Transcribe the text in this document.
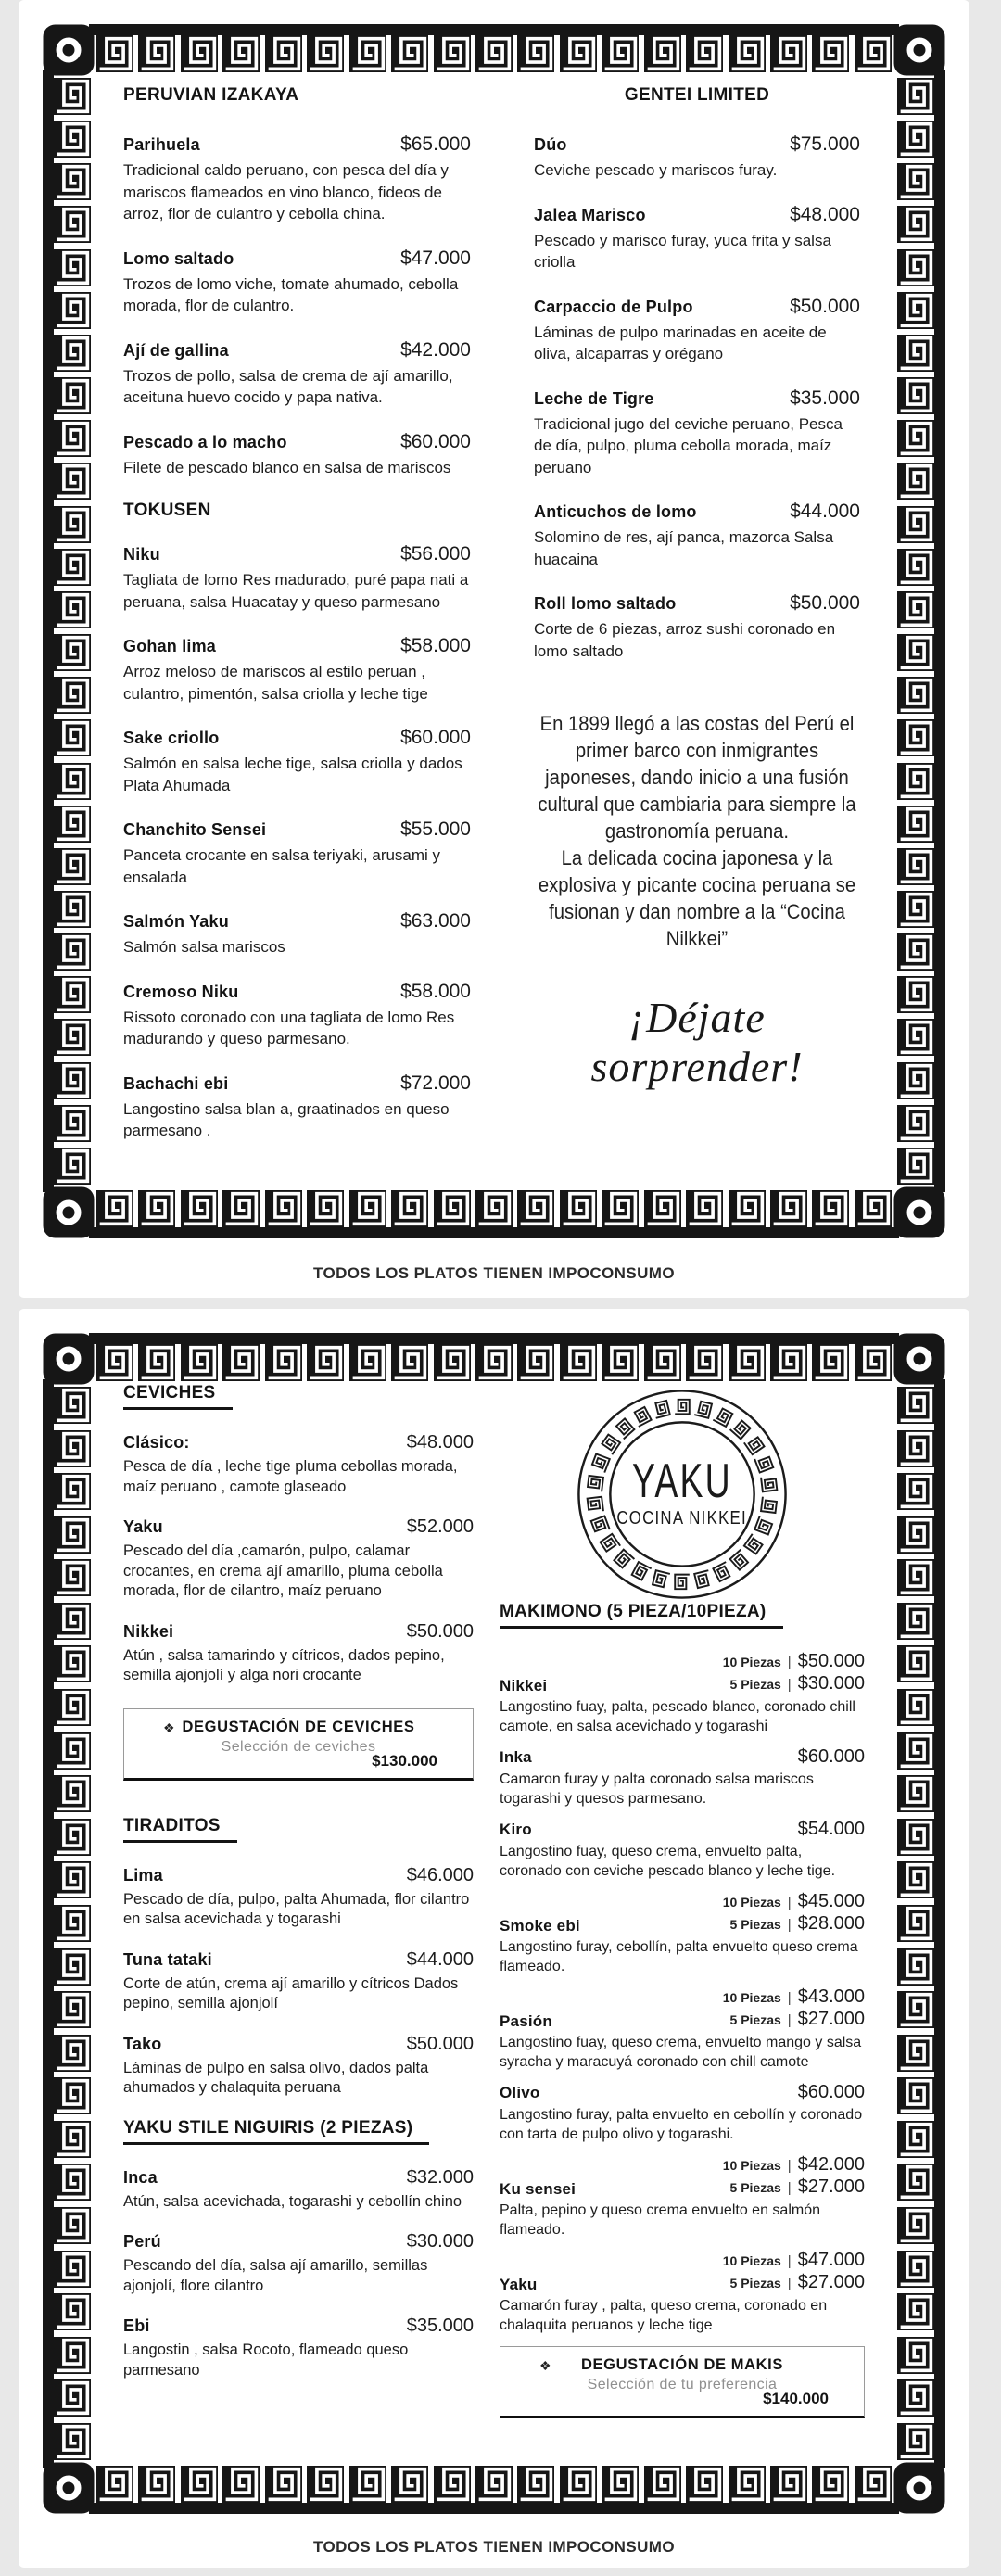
PERUVIAN IZAKAYA
Parihuela	$65.000
Tradicional caldo peruano, con pesca del día y mariscos flameados en vino blanco, fideos de arroz, flor de culantro y cebolla china.
Lomo saltado	$47.000
Trozos de lomo viche, tomate ahumado, cebolla morada, flor de culantro.
Ají de gallina	$42.000
Trozos de pollo, salsa de crema de ají amarillo, aceituna huevo cocido y papa nativa.
Pescado a lo macho	$60.000
Filete de pescado blanco en salsa de mariscos
TOKUSEN
Niku	$56.000
Tagliata de lomo Res madurado, puré papa nati a peruana, salsa Huacatay y queso parmesano
Gohan lima	$58.000
Arroz meloso de mariscos al estilo peruan , culantro, pimentón, salsa criolla y leche tige
Sake criollo	$60.000
Salmón en salsa leche tige, salsa criolla y dados Plata Ahumada
Chanchito Sensei	$55.000
Panceta crocante en salsa teriyaki, arusami y ensalada
Salmón Yaku	$63.000
Salmón salsa mariscos
Cremoso Niku	$58.000
Rissoto coronado con una tagliata de lomo Res madurando y queso parmesano.
Bachachi ebi	$72.000
Langostino salsa blan a, graatinados en queso parmesano .
GENTEI LIMITED
Dúo	$75.000
Ceviche pescado y mariscos furay.
Jalea Marisco	$48.000
Pescado y marisco furay, yuca frita y salsa criolla
Carpaccio de Pulpo	$50.000
Láminas de pulpo marinadas en aceite de oliva, alcaparras y orégano
Leche de Tigre	$35.000
Tradicional jugo del ceviche peruano, Pesca de día, pulpo, pluma cebolla morada, maíz peruano
Anticuchos de lomo	$44.000
Solomino de res, ají panca, mazorca Salsa huacaina
Roll lomo saltado	$50.000
Corte de 6 piezas, arroz sushi coronado en lomo saltado

En 1899 llegó a las costas del Perú el primer barco con inmigrantes japoneses, dando inicio a una fusión cultural que cambiaria para siempre la gastronomía peruana.

La delicada cocina japonesa y la explosiva y picante cocina peruana se fusionan y dan nombre a la “Cocina Nilkkei”

¡Déjate sorprender!
TODOS LOS PLATOS TIENEN IMPOCONSUMO
CEVICHES
Clásico:	$48.000
Pesca de día , leche tige pluma cebollas morada, maíz peruano , camote glaseado
Yaku	$52.000
Pescado del día ,camarón, pulpo, calamar crocantes, en crema ají amarillo, pluma cebolla morada, flor de cilantro, maíz peruano
Nikkei	$50.000
Atún , salsa tamarindo y cítricos, dados pepino, semilla ajonjolí y alga nori crocante
❖ DEGUSTACIÓN DE CEVICHES
Selección de ceviches
$130.000
TIRADITOS
Lima	$46.000
Pescado de día, pulpo, palta Ahumada, flor cilantro en salsa acevichada y togarashi
Tuna tataki	$44.000
Corte de atún, crema ají amarillo y cítricos Dados pepino, semilla ajonjolí
Tako	$50.000
Láminas de pulpo en salsa olivo, dados palta ahumados y chalaquita peruana
YAKU STILE NIGUIRIS (2 PIEZAS)
Inca	$32.000
Atún, salsa acevichada, togarashi y cebollín chino
Perú	$30.000
Pescando del día, salsa ají amarillo, semillas ajonjolí, flore cilantro
Ebi	$35.000
Langostin , salsa Rocoto, flameado queso parmesano
YAKU
COCINA NIKKEI
MAKIMONO (5 PIEZA/10PIEZA)
Nikkei
10 Piezas | $50.000
5 Piezas | $30.000
Langostino fuay, palta, pescado blanco, coronado chill camote, en salsa acevichado y togarashi
Inka	$60.000
Camaron furay y palta coronado salsa mariscos togarashi y quesos parmesano.
Kiro	$54.000
Langostino fuay, queso crema, envuelto palta, coronado con ceviche pescado blanco y leche tige.
Smoke ebi
10 Piezas | $45.000
5 Piezas | $28.000
Langostino furay, cebollín, palta envuelto queso crema flameado.
Pasión
10 Piezas | $43.000
5 Piezas | $27.000
Langostino fuay, queso crema, envuelto mango y salsa syracha y maracuyá coronado con chill camote
Olivo	$60.000
Langostino furay, palta envuelto en cebollín y coronado con tarta de pulpo olivo y togarashi.
Ku sensei
10 Piezas | $42.000
5 Piezas | $27.000
Palta, pepino y queso crema envuelto en salmón flameado.
Yaku
10 Piezas | $47.000
5 Piezas | $27.000
Camarón furay , palta, queso crema, coronado en chalaquita peruanos y leche tige
❖	DEGUSTACIÓN DE MAKIS
Selección de tu preferencia
$140.000
TODOS LOS PLATOS TIENEN IMPOCONSUMO
